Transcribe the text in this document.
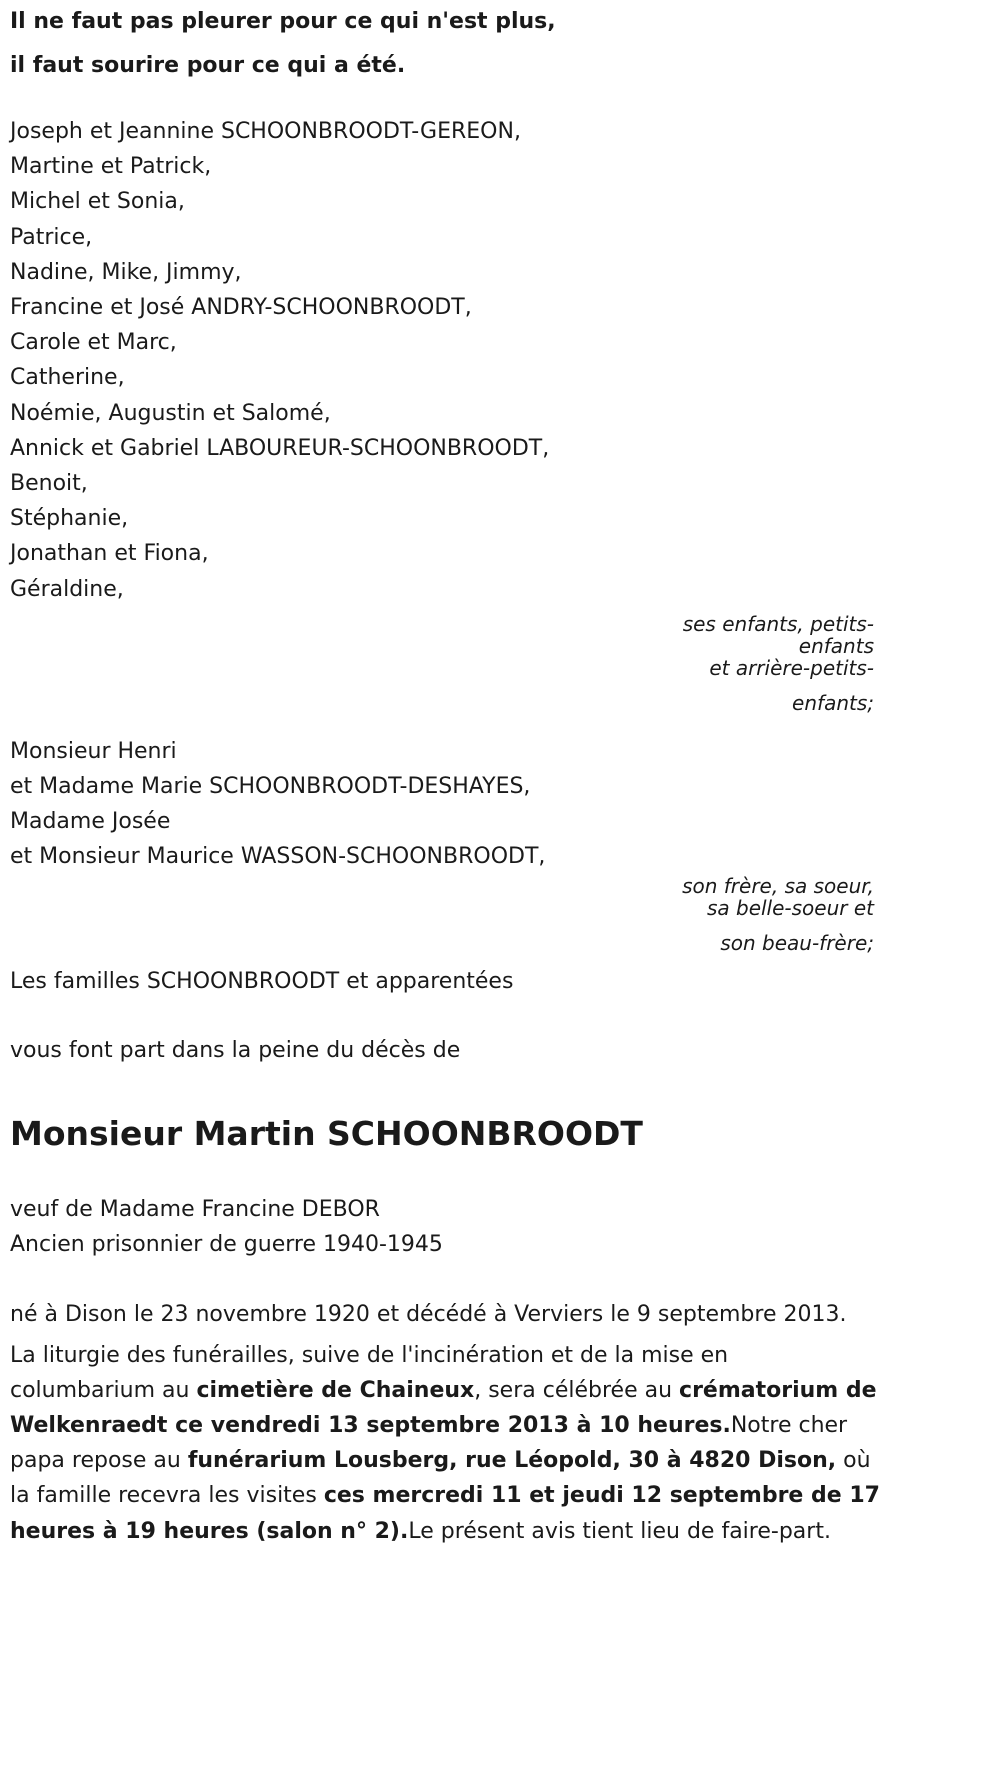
Il ne faut pas pleurer pour ce qui n'est plus,
il faut sourire pour ce qui a été.
Joseph et Jeannine SCHOONBROODT-GEREON,
Martine et Patrick,
Michel et Sonia,
Patrice,
Nadine, Mike, Jimmy,
Francine et José ANDRY-SCHOONBROODT,
Carole et Marc,
Catherine,
Noémie, Augustin et Salomé,
Annick et Gabriel LABOUREUR-SCHOONBROODT,
Benoit,
Stéphanie,
Jonathan et Fiona,
Géraldine,
ses enfants, petits-
enfants
et arrière-petits-
enfants;
Monsieur Henri
et Madame Marie SCHOONBROODT-DESHAYES,
Madame Josée
et Monsieur Maurice WASSON-SCHOONBROODT,
son frère, sa soeur,
sa belle-soeur et
son beau-frère;
Les familles SCHOONBROODT et apparentées
vous font part dans la peine du décès de
Monsieur Martin SCHOONBROODT
veuf de Madame Francine DEBOR
Ancien prisonnier de guerre 1940-1945
né à Dison le 23 novembre 1920 et décédé à Verviers le 9 septembre 2013.
La liturgie des funérailles, suive de l'incinération et de la mise en columbarium au cimetière de Chaineux, sera célébrée au crématorium de Welkenraedt ce vendredi 13 septembre 2013 à 10 heures.Notre cher papa repose au funérarium Lousberg, rue Léopold, 30 à 4820 Dison, où la famille recevra les visites ces mercredi 11 et jeudi 12 septembre de 17 heures à 19 heures (salon n° 2).Le présent avis tient lieu de faire-part.
